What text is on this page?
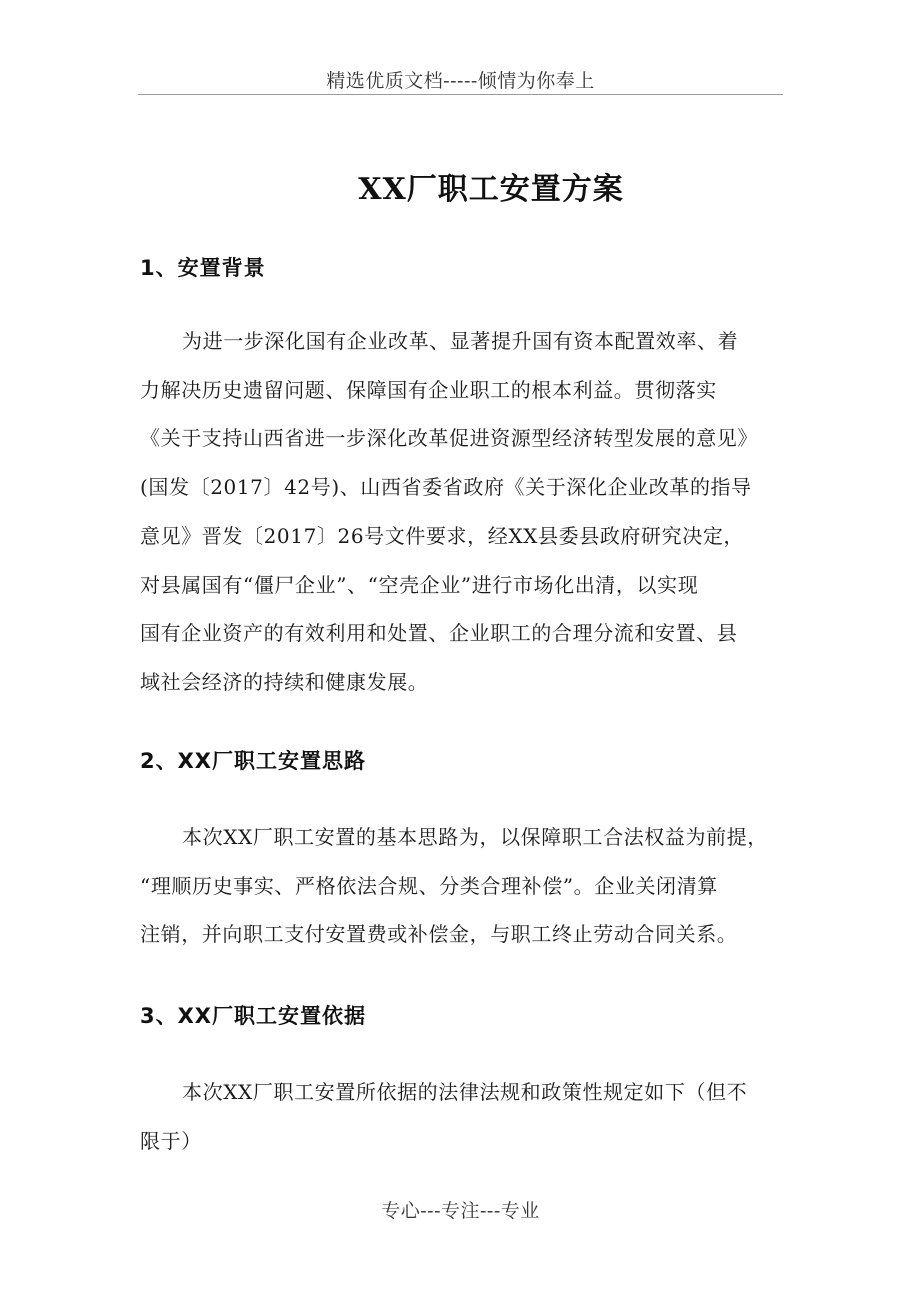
精选优质文档-----倾情为你奉上
XX厂职工安置方案
1、安置背景
为进一步深化国有企业改革、显著提升国有资本配置效率、着
力解决历史遗留问题、保障国有企业职工的根本利益。贯彻落实
《关于支持山西省进一步深化改革促进资源型经济转型发展的意见》
(国发〔2017〕42号)、山西省委省政府《关于深化企业改革的指导
意见》晋发〔2017〕26号文件要求，经XX县委县政府研究决定，
对县属国有“僵尸企业”、“空壳企业”进行市场化出清，以实现
国有企业资产的有效利用和处置、企业职工的合理分流和安置、县
域社会经济的持续和健康发展。
2、XX厂职工安置思路
本次XX厂职工安置的基本思路为，以保障职工合法权益为前提，
“理顺历史事实、严格依法合规、分类合理补偿”。企业关闭清算
注销，并向职工支付安置费或补偿金，与职工终止劳动合同关系。
3、XX厂职工安置依据
本次XX厂职工安置所依据的法律法规和政策性规定如下（但不
限于）
专心---专注---专业
